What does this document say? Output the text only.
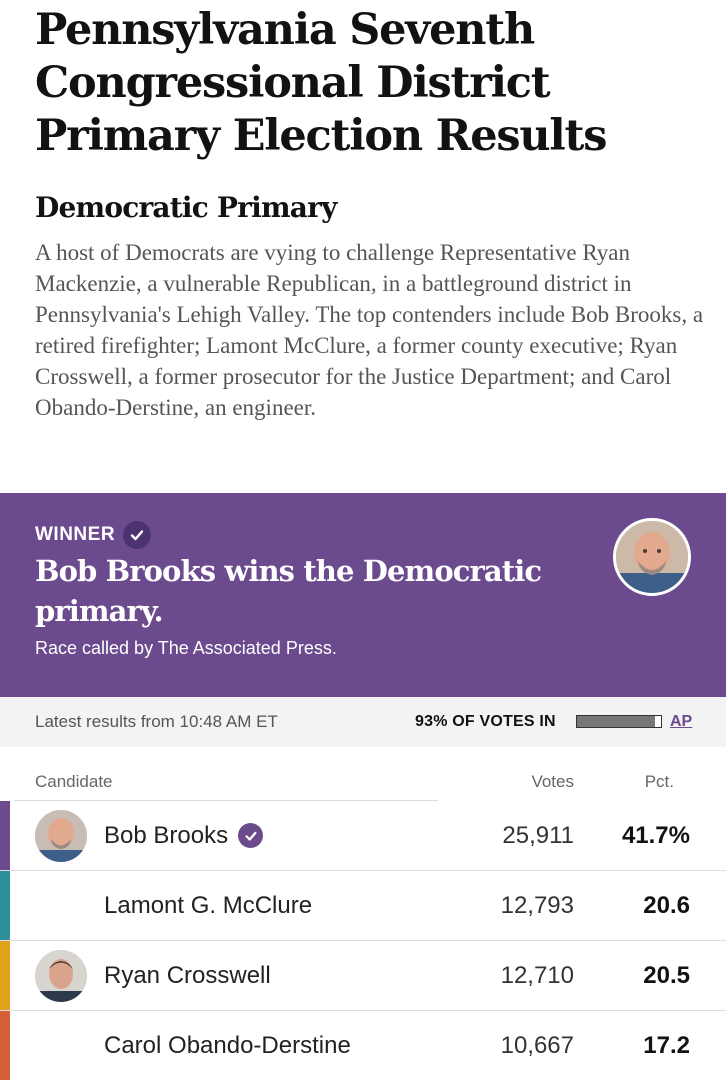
Pennsylvania Seventh Congressional District Primary Election Results
Democratic Primary

A host of Democrats are vying to challenge Representative Ryan Mackenzie, a vulnerable Republican, in a battleground district in Pennsylvania's Lehigh Valley. The top contenders include Bob Brooks, a retired firefighter; Lamont McClure, a former county executive; Ryan Crosswell, a former prosecutor for the Justice Department; and Carol Obando-Derstine, an engineer.

WINNER
Bob Brooks wins the Democratic primary.
Race called by The Associated Press.
Latest results from 10:48 AM ET	93% OF VOTES IN	AP
Candidate	Votes	Pct.
Bob Brooks	25,911 41.7%
Lamont G. McClure	12,793	20.6
Ryan Crosswell	12,710	20.5
Carol Obando-Derstine	10,667	17.2
